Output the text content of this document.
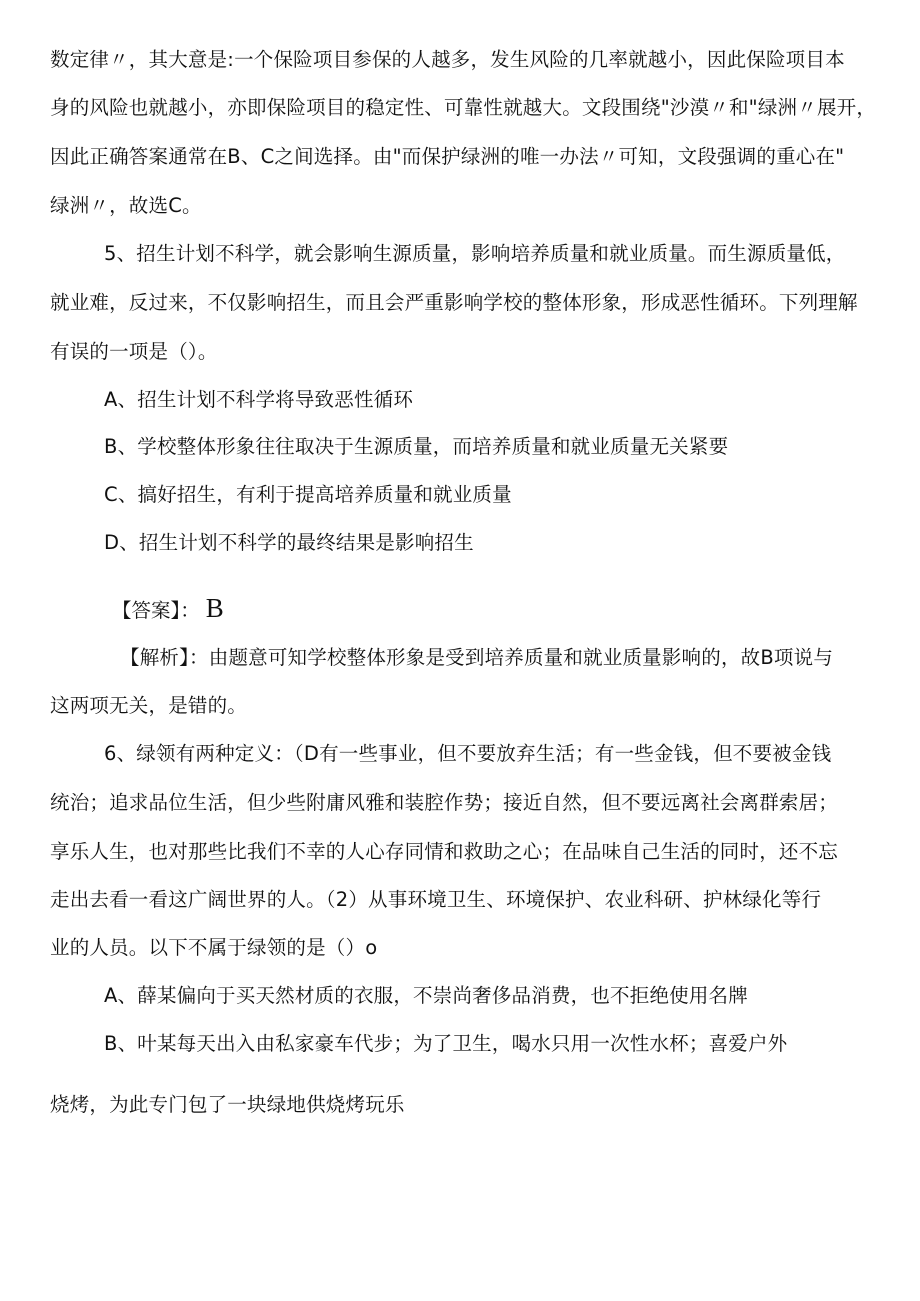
数定律〃，其大意是:一个保险项目参保的人越多，发生风险的几率就越小，因此保险项目本
身的风险也就越小，亦即保险项目的稳定性、可靠性就越大。文段围绕"沙漠〃和"绿洲〃展开，
因此正确答案通常在B、C之间选择。由"而保护绿洲的唯一办法〃可知，文段强调的重心在"
绿洲〃，故选C。
5、招生计划不科学，就会影响生源质量，影响培养质量和就业质量。而生源质量低，
就业难，反过来，不仅影响招生，而且会严重影响学校的整体形象，形成恶性循环。下列理解
有误的一项是（）。
A、招生计划不科学将导致恶性循环
B、学校整体形象往往取决于生源质量，而培养质量和就业质量无关紧要
C、搞好招生，有利于提高培养质量和就业质量
D、招生计划不科学的最终结果是影响招生
【答案】： B
【解析】：由题意可知学校整体形象是受到培养质量和就业质量影响的，故B项说与
这两项无关，是错的。
6、绿领有两种定义：（D有一些事业，但不要放弃生活；有一些金钱，但不要被金钱
统治；追求品位生活，但少些附庸风雅和装腔作势；接近自然，但不要远离社会离群索居；
享乐人生，也对那些比我们不幸的人心存同情和救助之心；在品味自己生活的同时，还不忘
走出去看一看这广阔世界的人。（2）从事环境卫生、环境保护、农业科研、护林绿化等行
业的人员。以下不属于绿领的是（）o
A、薛某偏向于买天然材质的衣服，不崇尚奢侈品消费，也不拒绝使用名牌
B、叶某每天出入由私家豪车代步；为了卫生，喝水只用一次性水杯；喜爱户外
烧烤，为此专门包了一块绿地供烧烤玩乐
